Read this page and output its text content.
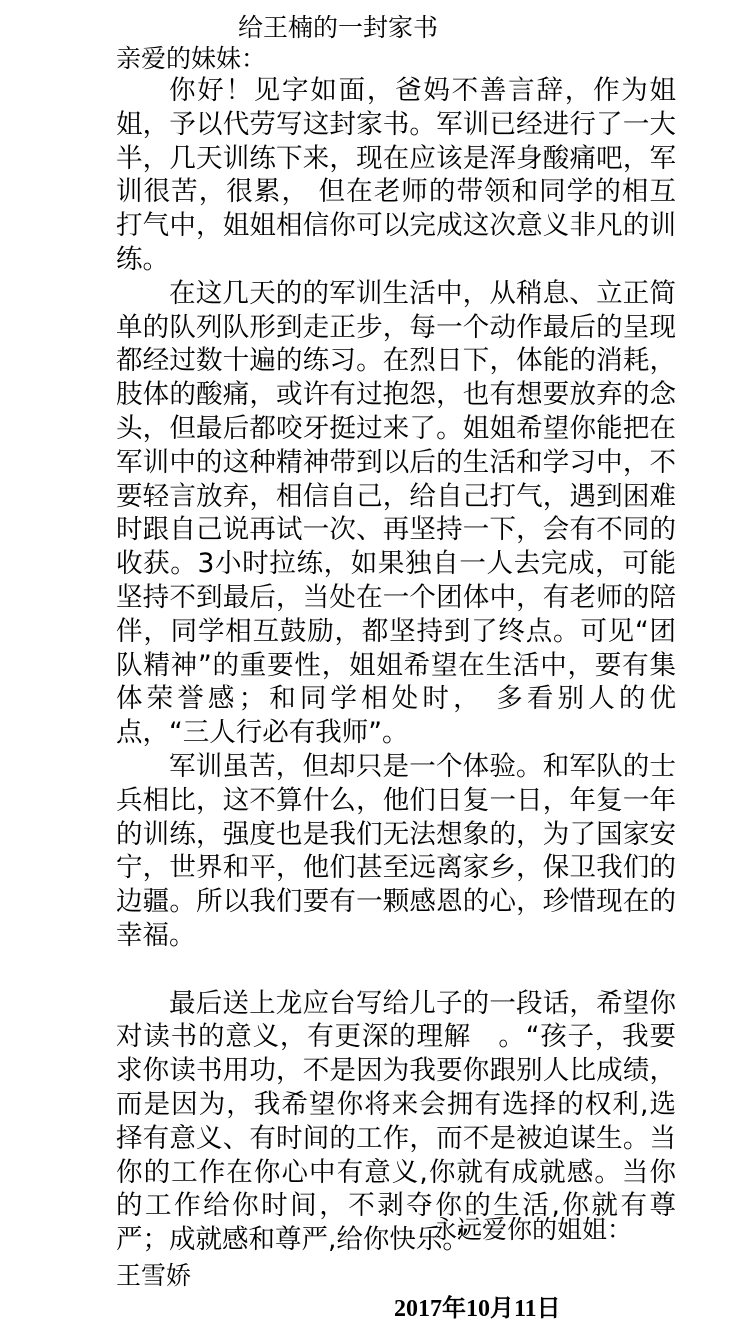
给王楠的一封家书
亲爱的妹妹：

你好！见字如面，爸妈不善言辞，作为姐姐，予以代劳写这封家书。军训已经进行了一大半，几天训练下来，现在应该是浑身酸痛吧，军训很苦，很累， 但在老师的带领和同学的相互打气中，姐姐相信你可以完成这次意义非凡的训练。

在这几天的的军训生活中，从稍息、立正简单的队列队形到走正步，每一个动作最后的呈现都经过数十遍的练习。在烈日下，体能的消耗，肢体的酸痛，或许有过抱怨，也有想要放弃的念头，但最后都咬牙挺过来了。姐姐希望你能把在军训中的这种精神带到以后的生活和学习中，不要轻言放弃，相信自己，给自己打气，遇到困难时跟自己说再试一次、再坚持一下，会有不同的收获。3小时拉练，如果独自一人去完成，可能坚持不到最后，当处在一个团体中，有老师的陪伴，同学相互鼓励，都坚持到了终点。可见“团队精神”的重要性，姐姐希望在生活中，要有集体荣誉感；和同学相处时， 多看别人的优点，“三人行必有我师”。

军训虽苦，但却只是一个体验。和军队的士兵相比，这不算什么，他们日复一日，年复一年的训练，强度也是我们无法想象的，为了国家安宁，世界和平，他们甚至远离家乡，保卫我们的边疆。所以我们要有一颗感恩的心，珍惜现在的幸福。

最后送上龙应台写给儿子的一段话，希望你对读书的意义，有更深的理解　。“孩子，我要求你读书用功，不是因为我要你跟别人比成绩，而是因为，我希望你将来会拥有选择的权利,选择有意义、有时间的工作，而不是被迫谋生。当你的工作在你心中有意义,你就有成就感。当你的工作给你时间，不剥夺你的生活,你就有尊严；成就感和尊严,给你快乐。”

永远爱你的姐姐：
王雪娇
2017年10月11日
